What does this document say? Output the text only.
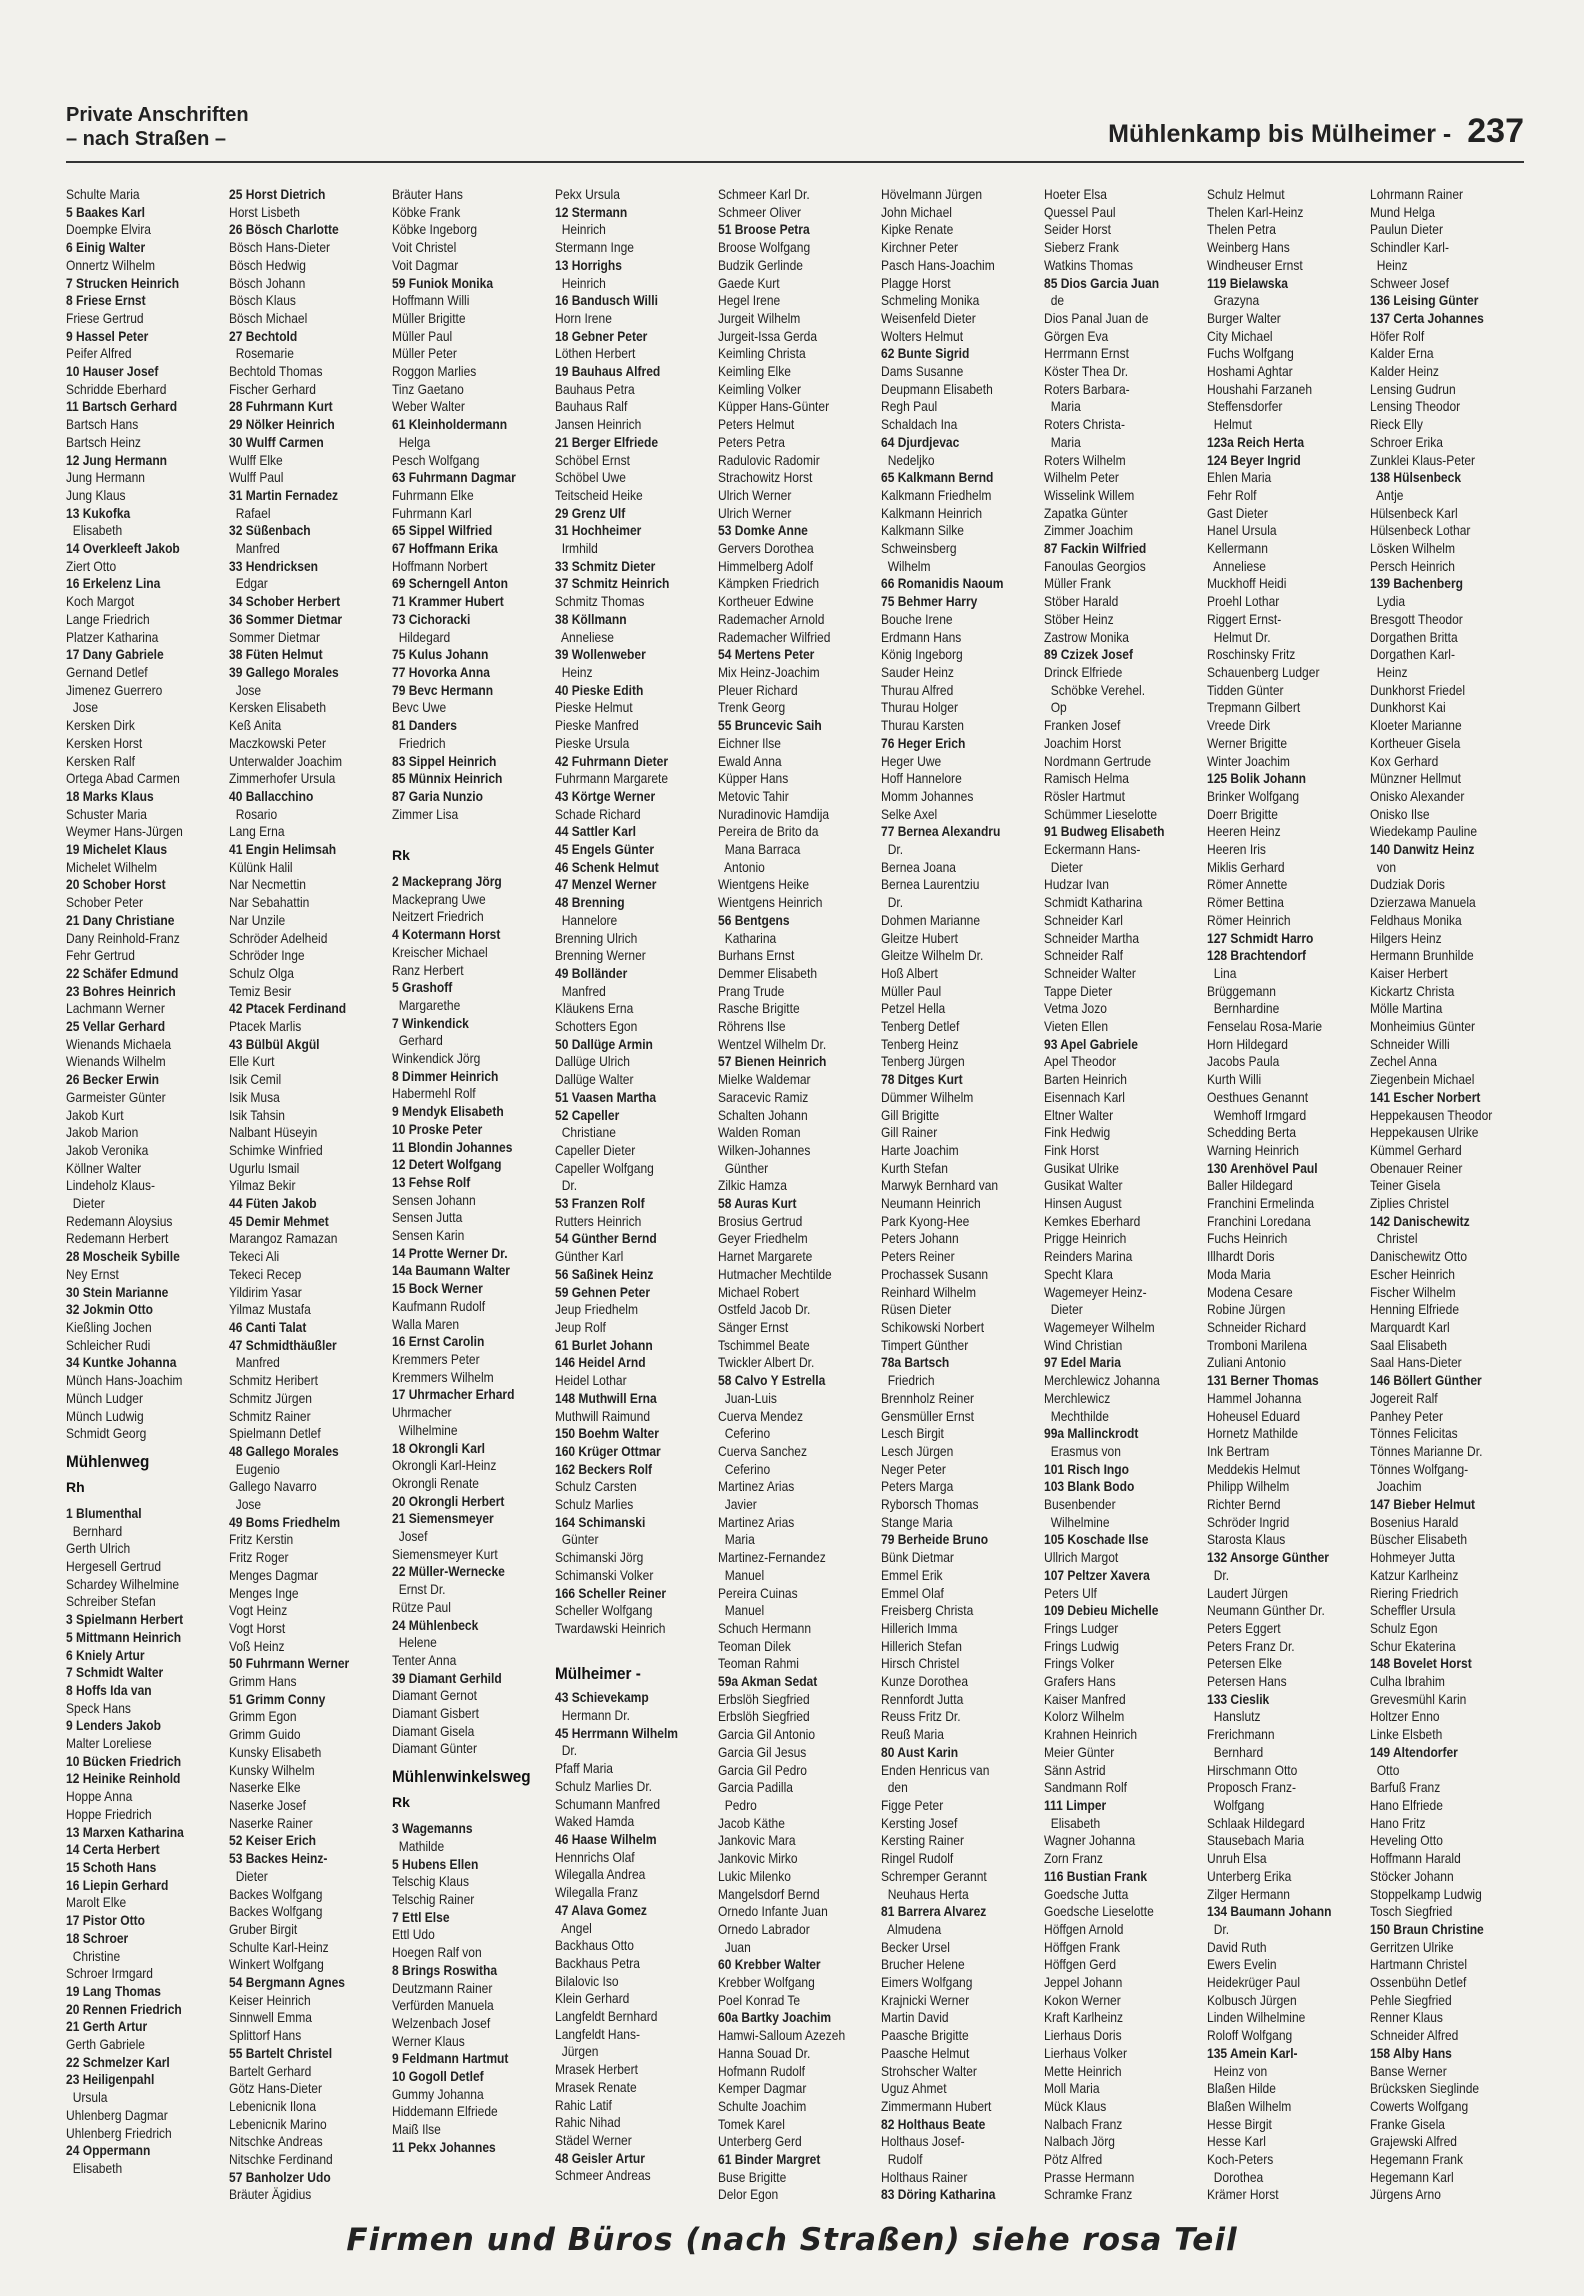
Private Anschriften
– nach Straßen –	Mühlenkamp bis Mülheimer - 237
Schulte Maria
5 Baakes Karl
Doempke Elvira
6 Einig Walter
Onnertz Wilhelm
7 Strucken Heinrich
8 Friese Ernst
Friese Gertrud
9 Hassel Peter
Peifer Alfred
10 Hauser Josef
Schridde Eberhard
11 Bartsch Gerhard
Bartsch Hans
Bartsch Heinz
12 Jung Hermann
Jung Hermann
Jung Klaus
13 Kukofka
Elisabeth
14 Overkleeft Jakob
Ziert Otto
16 Erkelenz Lina
Koch Margot
Lange Friedrich
Platzer Katharina
17 Dany Gabriele
Gernand Detlef
Jimenez Guerrero
Jose
Kersken Dirk
Kersken Horst
Kersken Ralf
Ortega Abad Carmen
18 Marks Klaus
Schuster Maria
Weymer Hans-Jürgen
19 Michelet Klaus
Michelet Wilhelm
20 Schober Horst
Schober Peter
21 Dany Christiane
Dany Reinhold-Franz
Fehr Gertrud
22 Schäfer Edmund
23 Bohres Heinrich
Lachmann Werner
25 Vellar Gerhard
Wienands Michaela
Wienands Wilhelm
26 Becker Erwin
Garmeister Günter
Jakob Kurt
Jakob Marion
Jakob Veronika
Köllner Walter
Lindeholz Klaus-
Dieter
Redemann Aloysius
Redemann Herbert
28 Moscheik Sybille
Ney Ernst
30 Stein Marianne
32 Jokmin Otto
Kießling Jochen
Schleicher Rudi
34 Kuntke Johanna
Münch Hans-Joachim
Münch Ludger
Münch Ludwig
Schmidt Georg
Mühlenweg
Rh
1 Blumenthal
Bernhard
Gerth Ulrich
Hergesell Gertrud
Schardey Wilhelmine
Schreiber Stefan
3 Spielmann Herbert
5 Mittmann Heinrich
6 Kniely Artur
7 Schmidt Walter
8 Hoffs Ida van
Speck Hans
9 Lenders Jakob
Malter Loreliese
10 Bücken Friedrich
12 Heinike Reinhold
Hoppe Anna
Hoppe Friedrich
13 Marxen Katharina
14 Certa Herbert
15 Schoth Hans
16 Liepin Gerhard
Marolt Elke
17 Pistor Otto
18 Schroer
Christine
Schroer Irmgard
19 Lang Thomas
20 Rennen Friedrich
21 Gerth Artur
Gerth Gabriele
22 Schmelzer Karl
23 Heiligenpahl
Ursula
Uhlenberg Dagmar
Uhlenberg Friedrich
24 Oppermann
Elisabeth
25 Horst Dietrich
Horst Lisbeth
26 Bösch Charlotte
Bösch Hans-Dieter
Bösch Hedwig
Bösch Johann
Bösch Klaus
Bösch Michael
27 Bechtold
Rosemarie
Bechtold Thomas
Fischer Gerhard
28 Fuhrmann Kurt
29 Nölker Heinrich
30 Wulff Carmen
Wulff Elke
Wulff Paul
31 Martin Fernadez
Rafael
32 Süßenbach
Manfred
33 Hendricksen
Edgar
34 Schober Herbert
36 Sommer Dietmar
Sommer Dietmar
38 Füten Helmut
39 Gallego Morales
Jose
Kersken Elisabeth
Keß Anita
Maczkowski Peter
Unterwalder Joachim
Zimmerhofer Ursula
40 Ballacchino
Rosario
Lang Erna
41 Engin Helimsah
Külünk Halil
Nar Necmettin
Nar Sebahattin
Nar Unzile
Schröder Adelheid
Schröder Inge
Schulz Olga
Temiz Besir
42 Ptacek Ferdinand
Ptacek Marlis
43 Bülbül Akgül
Elle Kurt
Isik Cemil
Isik Musa
Isik Tahsin
Nalbant Hüseyin
Schimke Winfried
Ugurlu Ismail
Yilmaz Bekir
44 Füten Jakob
45 Demir Mehmet
Marangoz Ramazan
Tekeci Ali
Tekeci Recep
Yildirim Yasar
Yilmaz Mustafa
46 Canti Talat
47 Schmidthäußler
Manfred
Schmitz Heribert
Schmitz Jürgen
Schmitz Rainer
Spielmann Detlef
48 Gallego Morales
Eugenio
Gallego Navarro
Jose
49 Boms Friedhelm
Fritz Kerstin
Fritz Roger
Menges Dagmar
Menges Inge
Vogt Heinz
Vogt Horst
Voß Heinz
50 Fuhrmann Werner
Grimm Hans
51 Grimm Conny
Grimm Egon
Grimm Guido
Kunsky Elisabeth
Kunsky Wilhelm
Naserke Elke
Naserke Josef
Naserke Rainer
52 Keiser Erich
53 Backes Heinz-
Dieter
Backes Wolfgang
Backes Wolfgang
Gruber Birgit
Schulte Karl-Heinz
Winkert Wolfgang
54 Bergmann Agnes
Keiser Heinrich
Sinnwell Emma
Splittorf Hans
55 Bartelt Christel
Bartelt Gerhard
Götz Hans-Dieter
Lebenicnik Ilona
Lebenicnik Marino
Nitschke Andreas
Nitschke Ferdinand
57 Banholzer Udo
Bräuter Ägidius
Bräuter Hans
Köbke Frank
Köbke Ingeborg
Voit Christel
Voit Dagmar
59 Funiok Monika
Hoffmann Willi
Müller Brigitte
Müller Paul
Müller Peter
Roggon Marlies
Tinz Gaetano
Weber Walter
61 Kleinholdermann
Helga
Pesch Wolfgang
63 Fuhrmann Dagmar
Fuhrmann Elke
Fuhrmann Karl
65 Sippel Wilfried
67 Hoffmann Erika
Hoffmann Norbert
69 Scherngell Anton
71 Krammer Hubert
73 Cichoracki
Hildegard
75 Kulus Johann
77 Hovorka Anna
79 Bevc Hermann
Bevc Uwe
81 Danders
Friedrich
83 Sippel Heinrich
85 Münnix Heinrich
87 Garia Nunzio
Zimmer Lisa

Rk
2 Mackeprang Jörg
Mackeprang Uwe
Neitzert Friedrich
4 Kotermann Horst
Kreischer Michael
Ranz Herbert
5 Grashoff
Margarethe
7 Winkendick
Gerhard
Winkendick Jörg
8 Dimmer Heinrich
Habermehl Rolf
9 Mendyk Elisabeth
10 Proske Peter
11 Blondin Johannes
12 Detert Wolfgang
13 Fehse Rolf
Sensen Johann
Sensen Jutta
Sensen Karin
14 Protte Werner Dr.
14a Baumann Walter
15 Bock Werner
Kaufmann Rudolf
Walla Maren
16 Ernst Carolin
Kremmers Peter
Kremmers Wilhelm
17 Uhrmacher Erhard
Uhrmacher
Wilhelmine
18 Okrongli Karl
Okrongli Karl-Heinz
Okrongli Renate
20 Okrongli Herbert
21 Siemensmeyer
Josef
Siemensmeyer Kurt
22 Müller-Wernecke
Ernst Dr.
Rütze Paul
24 Mühlenbeck
Helene
Tenter Anna
39 Diamant Gerhild
Diamant Gernot
Diamant Gisbert
Diamant Gisela
Diamant Günter
Mühlenwinkelsweg
Rk
3 Wagemanns
Mathilde
5 Hubens Ellen
Telschig Klaus
Telschig Rainer
7 Ettl Else
Ettl Udo
Hoegen Ralf von
8 Brings Roswitha
Deutzmann Rainer
Verfürden Manuela
Welzenbach Josef
Werner Klaus
9 Feldmann Hartmut
10 Gogoll Detlef
Gummy Johanna
Hiddemann Elfriede
Maiß Ilse
11 Pekx Johannes
Pekx Ursula
12 Stermann
Heinrich
Stermann Inge
13 Horrighs
Heinrich
16 Bandusch Willi
Horn Irene
18 Gebner Peter
Löthen Herbert
19 Bauhaus Alfred
Bauhaus Petra
Bauhaus Ralf
Jansen Heinrich
21 Berger Elfriede
Schöbel Ernst
Schöbel Uwe
Teitscheid Heike
29 Grenz Ulf
31 Hochheimer
Irmhild
33 Schmitz Dieter
37 Schmitz Heinrich
Schmitz Thomas
38 Köllmann
Anneliese
39 Wollenweber
Heinz
40 Pieske Edith
Pieske Helmut
Pieske Manfred
Pieske Ursula
42 Fuhrmann Dieter
Fuhrmann Margarete
43 Körtge Werner
Schade Richard
44 Sattler Karl
45 Engels Günter
46 Schenk Helmut
47 Menzel Werner
48 Brenning
Hannelore
Brenning Ulrich
Brenning Werner
49 Bolländer
Manfred
Kläukens Erna
Schotters Egon
50 Dallüge Armin
Dallüge Ulrich
Dallüge Walter
51 Vaasen Martha
52 Capeller
Christiane
Capeller Dieter
Capeller Wolfgang
Dr.
53 Franzen Rolf
Rutters Heinrich
54 Günther Bernd
Günther Karl
56 Saßinek Heinz
59 Gehnen Peter
Jeup Friedhelm
Jeup Rolf
61 Burlet Johann
146 Heidel Arnd
Heidel Lothar
148 Muthwill Erna
Muthwill Raimund
150 Boehm Walter
160 Krüger Ottmar
162 Beckers Rolf
Schulz Carsten
Schulz Marlies
164 Schimanski
Günter
Schimanski Jörg
Schimanski Volker
166 Scheller Reiner
Scheller Wolfgang
Twardawski Heinrich

Mülheimer -
43 Schievekamp
Hermann Dr.
45 Herrmann Wilhelm
Dr.
Pfaff Maria
Schulz Marlies Dr.
Schumann Manfred
Waked Hamda
46 Haase Wilhelm
Hennrichs Olaf
Wilegalla Andrea
Wilegalla Franz
47 Alava Gomez
Angel
Backhaus Otto
Backhaus Petra
Bilalovic Iso
Klein Gerhard
Langfeldt Bernhard
Langfeldt Hans-
Jürgen
Mrasek Herbert
Mrasek Renate
Rahic Latif
Rahic Nihad
Städel Werner
48 Geisler Artur
Schmeer Andreas
Schmeer Karl Dr.
Schmeer Oliver
51 Broose Petra
Broose Wolfgang
Budzik Gerlinde
Gaede Kurt
Hegel Irene
Jurgeit Wilhelm
Jurgeit-Issa Gerda
Keimling Christa
Keimling Elke
Keimling Volker
Küpper Hans-Günter
Peters Helmut
Peters Petra
Radulovic Radomir
Strachowitz Horst
Ulrich Werner
Ulrich Werner
53 Domke Anne
Gervers Dorothea
Himmelberg Adolf
Kämpken Friedrich
Kortheuer Edwine
Rademacher Arnold
Rademacher Wilfried
54 Mertens Peter
Mix Heinz-Joachim
Pleuer Richard
Trenk Georg
55 Bruncevic Saih
Eichner Ilse
Ewald Anna
Küpper Hans
Metovic Tahir
Nuradinovic Hamdija
Pereira de Brito da
Mana Barraca
Antonio
Wientgens Heike
Wientgens Heinrich
56 Bentgens
Katharina
Burhans Ernst
Demmer Elisabeth
Prang Trude
Rasche Brigitte
Röhrens Ilse
Wentzel Wilhelm Dr.
57 Bienen Heinrich
Mielke Waldemar
Saracevic Ramiz
Schalten Johann
Walden Roman
Wilken-Johannes
Günther
Zilkic Hamza
58 Auras Kurt
Brosius Gertrud
Geyer Friedhelm
Harnet Margarete
Hutmacher Mechtilde
Michael Robert
Ostfeld Jacob Dr.
Sänger Ernst
Tschimmel Beate
Twickler Albert Dr.
58 Calvo Y Estrella
Juan-Luis
Cuerva Mendez
Ceferino
Cuerva Sanchez
Ceferino
Martinez Arias
Javier
Martinez Arias
Maria
Martinez-Fernandez
Manuel
Pereira Cuinas
Manuel
Schuch Hermann
Teoman Dilek
Teoman Rahmi
59a Akman Sedat
Erbslöh Siegfried
Erbslöh Siegfried
Garcia Gil Antonio
Garcia Gil Jesus
Garcia Gil Pedro
Garcia Padilla
Pedro
Jacob Käthe
Jankovic Mara
Jankovic Mirko
Lukic Milenko
Mangelsdorf Bernd
Ornedo Infante Juan
Ornedo Labrador
Juan
60 Krebber Walter
Krebber Wolfgang
Poel Konrad Te
60a Bartky Joachim
Hamwi-Salloum Azezeh
Hanna Souad Dr.
Hofmann Rudolf
Kemper Dagmar
Schulte Joachim
Tomek Karel
Unterberg Gerd
61 Binder Margret
Buse Brigitte
Delor Egon
Hövelmann Jürgen
John Michael
Kipke Renate
Kirchner Peter
Pasch Hans-Joachim
Plagge Horst
Schmeling Monika
Weisenfeld Dieter
Wolters Helmut
62 Bunte Sigrid
Dams Susanne
Deupmann Elisabeth
Regh Paul
Schaldach Ina
64 Djurdjevac
Nedeljko
65 Kalkmann Bernd
Kalkmann Friedhelm
Kalkmann Heinrich
Kalkmann Silke
Schweinsberg
Wilhelm
66 Romanidis Naoum
75 Behmer Harry
Bouche Irene
Erdmann Hans
König Ingeborg
Sauder Heinz
Thurau Alfred
Thurau Holger
Thurau Karsten
76 Heger Erich
Heger Uwe
Hoff Hannelore
Momm Johannes
Selke Axel
77 Bernea Alexandru
Dr.
Bernea Joana
Bernea Laurentziu
Dr.
Dohmen Marianne
Gleitze Hubert
Gleitze Wilhelm Dr.
Hoß Albert
Müller Paul
Petzel Hella
Tenberg Detlef
Tenberg Heinz
Tenberg Jürgen
78 Ditges Kurt
Dümmer Wilhelm
Gill Brigitte
Gill Rainer
Harte Joachim
Kurth Stefan
Marwyk Bernhard van
Neumann Heinrich
Park Kyong-Hee
Peters Johann
Peters Reiner
Prochassek Susann
Reinhard Wilhelm
Rüsen Dieter
Schikowski Norbert
Timpert Günther
78a Bartsch
Friedrich
Brennholz Reiner
Gensmüller Ernst
Lesch Birgit
Lesch Jürgen
Neger Peter
Peters Marga
Ryborsch Thomas
Stange Maria
79 Berheide Bruno
Bünk Dietmar
Emmel Erik
Emmel Olaf
Freisberg Christa
Hillerich Imma
Hillerich Stefan
Hirsch Christel
Kunze Dorothea
Rennfordt Jutta
Reuss Fritz Dr.
Reuß Maria
80 Aust Karin
Enden Henricus van
den
Figge Peter
Kersting Josef
Kersting Rainer
Ringel Rudolf
Schremper Gerannt
Neuhaus Herta
81 Barrera Alvarez
Almudena
Becker Ursel
Brucher Helene
Eimers Wolfgang
Krajnicki Werner
Martin David
Paasche Brigitte
Paasche Helmut
Strohscher Walter
Uguz Ahmet
Zimmermann Hubert
82 Holthaus Beate
Holthaus Josef-
Rudolf
Holthaus Rainer
83 Döring Katharina
Hoeter Elsa
Quessel Paul
Seider Horst
Sieberz Frank
Watkins Thomas
85 Dios Garcia Juan
de
Dios Panal Juan de
Görgen Eva
Herrmann Ernst
Köster Thea Dr.
Roters Barbara-
Maria
Roters Christa-
Maria
Roters Wilhelm
Wilhelm Peter
Wisselink Willem
Zapatka Günter
Zimmer Joachim
87 Fackin Wilfried
Fanoulas Georgios
Müller Frank
Stöber Harald
Stöber Heinz
Zastrow Monika
89 Czizek Josef
Drinck Elfriede
Schöbke Verehel.
Op
Franken Josef
Joachim Horst
Nordmann Gertrude
Ramisch Helma
Rösler Hartmut
Schümmer Lieselotte
91 Budweg Elisabeth
Eckermann Hans-
Dieter
Hudzar Ivan
Schmidt Katharina
Schneider Karl
Schneider Martha
Schneider Ralf
Schneider Walter
Tappe Dieter
Vetma Jozo
Vieten Ellen
93 Apel Gabriele
Apel Theodor
Barten Heinrich
Eisennach Karl
Eltner Walter
Fink Hedwig
Fink Horst
Gusikat Ulrike
Gusikat Walter
Hinsen August
Kemkes Eberhard
Prigge Heinrich
Reinders Marina
Specht Klara
Wagemeyer Heinz-
Dieter
Wagemeyer Wilhelm
Wind Christian
97 Edel Maria
Merchlewicz Johanna
Merchlewicz
Mechthilde
99a Mallinckrodt
Erasmus von
101 Risch Ingo
103 Blank Bodo
Busenbender
Wilhelmine
105 Koschade Ilse
Ullrich Margot
107 Peltzer Xavera
Peters Ulf
109 Debieu Michelle
Frings Ludger
Frings Ludwig
Frings Volker
Grafers Hans
Kaiser Manfred
Kolorz Wilhelm
Krahnen Heinrich
Meier Günter
Sänn Astrid
Sandmann Rolf
111 Limper
Elisabeth
Wagner Johanna
Zorn Franz
116 Bustian Frank
Goedsche Jutta
Goedsche Lieselotte
Höffgen Arnold
Höffgen Frank
Höffgen Gerd
Jeppel Johann
Kokon Werner
Kraft Karlheinz
Lierhaus Doris
Lierhaus Volker
Mette Heinrich
Moll Maria
Mück Klaus
Nalbach Franz
Nalbach Jörg
Pötz Alfred
Prasse Hermann
Schramke Franz
Schulz Helmut
Thelen Karl-Heinz
Thelen Petra
Weinberg Hans
Windheuser Ernst
119 Bielawska
Grazyna
Burger Walter
City Michael
Fuchs Wolfgang
Hoshami Aghtar
Houshahi Farzaneh
Steffensdorfer
Helmut
123a Reich Herta
124 Beyer Ingrid
Ehlen Maria
Fehr Rolf
Gast Dieter
Hanel Ursula
Kellermann
Anneliese
Muckhoff Heidi
Proehl Lothar
Riggert Ernst-
Helmut Dr.
Roschinsky Fritz
Schauenberg Ludger
Tidden Günter
Trepmann Gilbert
Vreede Dirk
Werner Brigitte
Winter Joachim
125 Bolik Johann
Brinker Wolfgang
Doerr Brigitte
Heeren Heinz
Heeren Iris
Miklis Gerhard
Römer Annette
Römer Bettina
Römer Heinrich
127 Schmidt Harro
128 Brachtendorf
Lina
Brüggemann
Bernhardine
Fenselau Rosa-Marie
Horn Hildegard
Jacobs Paula
Kurth Willi
Oesthues Genannt
Wemhoff Irmgard
Schedding Berta
Warning Heinrich
130 Arenhövel Paul
Baller Hildegard
Franchini Ermelinda
Franchini Loredana
Fuchs Heinrich
Illhardt Doris
Moda Maria
Modena Cesare
Robine Jürgen
Schneider Richard
Tromboni Marilena
Zuliani Antonio
131 Berner Thomas
Hammel Johanna
Hoheusel Eduard
Hornetz Mathilde
Ink Bertram
Meddekis Helmut
Philipp Wilhelm
Richter Bernd
Schröder Ingrid
Starosta Klaus
132 Ansorge Günther
Dr.
Laudert Jürgen
Neumann Günther Dr.
Peters Eggert
Peters Franz Dr.
Petersen Elke
Petersen Hans
133 Cieslik
Hanslutz
Frerichmann
Bernhard
Hirschmann Otto
Proposch Franz-
Wolfgang
Schlaak Hildegard
Stausebach Maria
Unruh Elsa
Unterberg Erika
Zilger Hermann
134 Baumann Johann
Dr.
David Ruth
Ewers Evelin
Heidekrüger Paul
Kolbusch Jürgen
Linden Wilhelmine
Roloff Wolfgang
135 Amein Karl-
Heinz von
Blaßen Hilde
Blaßen Wilhelm
Hesse Birgit
Hesse Karl
Koch-Peters
Dorothea
Krämer Horst
Lohrmann Rainer
Mund Helga
Paulun Dieter
Schindler Karl-
Heinz
Schweer Josef
136 Leising Günter
137 Certa Johannes
Höfer Rolf
Kalder Erna
Kalder Heinz
Lensing Gudrun
Lensing Theodor
Rieck Elly
Schroer Erika
Zunklei Klaus-Peter
138 Hülsenbeck
Antje
Hülsenbeck Karl
Hülsenbeck Lothar
Lösken Wilhelm
Persch Heinrich
139 Bachenberg
Lydia
Bresgott Theodor
Dorgathen Britta
Dorgathen Karl-
Heinz
Dunkhorst Friedel
Dunkhorst Kai
Kloeter Marianne
Kortheuer Gisela
Kox Gerhard
Münzner Hellmut
Onisko Alexander
Onisko Ilse
Wiedekamp Pauline
140 Danwitz Heinz
von
Dudziak Doris
Dzierzawa Manuela
Feldhaus Monika
Hilgers Heinz
Hermann Brunhilde
Kaiser Herbert
Kickartz Christa
Mölle Martina
Monheimius Günter
Schneider Willi
Zechel Anna
Ziegenbein Michael
141 Escher Norbert
Heppekausen Theodor
Heppekausen Ulrike
Kümmel Gerhard
Obenauer Reiner
Teiner Gisela
Ziplies Christel
142 Danischewitz
Christel
Danischewitz Otto
Escher Heinrich
Fischer Wilhelm
Henning Elfriede
Marquardt Karl
Saal Elisabeth
Saal Hans-Dieter
146 Böllert Günther
Jogereit Ralf
Panhey Peter
Tönnes Felicitas
Tönnes Marianne Dr.
Tönnes Wolfgang-
Joachim
147 Bieber Helmut
Bosenius Harald
Büscher Elisabeth
Hohmeyer Jutta
Katzur Karlheinz
Riering Friedrich
Scheffler Ursula
Schulz Egon
Schur Ekaterina
148 Bovelet Horst
Culha Ibrahim
Grevesmühl Karin
Holtzer Enno
Linke Elsbeth
149 Altendorfer
Otto
Barfuß Franz
Hano Elfriede
Hano Fritz
Heveling Otto
Hoffmann Harald
Stöcker Johann
Stoppelkamp Ludwig
Tosch Siegfried
150 Braun Christine
Gerritzen Ulrike
Hartmann Christel
Ossenbühn Detlef
Pehle Siegfried
Renner Klaus
Schneider Alfred
158 Alby Hans
Banse Werner
Brücksken Sieglinde
Cowerts Wolfgang
Franke Gisela
Grajewski Alfred
Hegemann Frank
Hegemann Karl
Jürgens Arno
Firmen und Büros (nach Straßen) siehe rosa Teil
